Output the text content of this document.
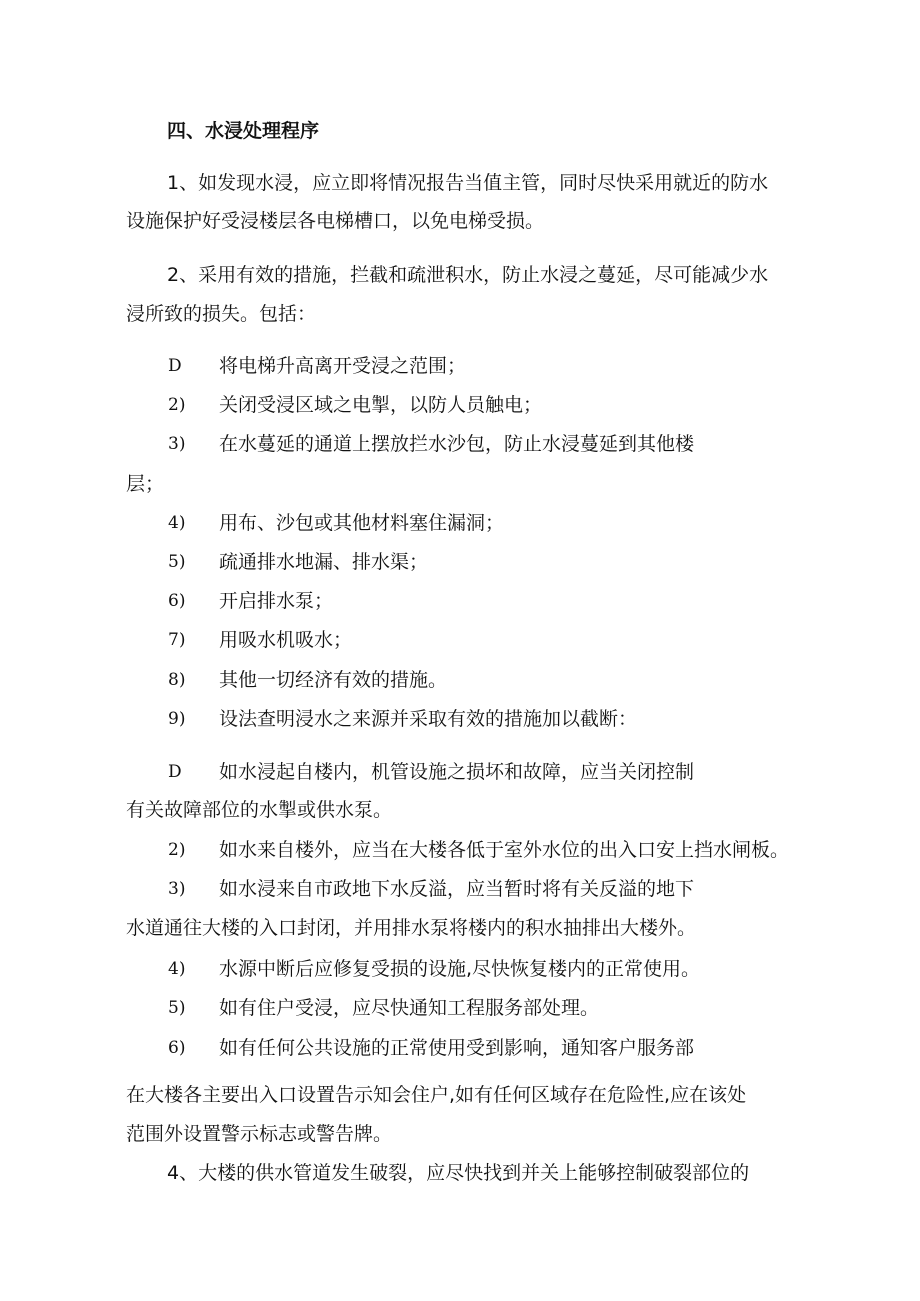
四、水浸处理程序
1、如发现水浸，应立即将情况报告当值主管，同时尽快采用就近的防水
设施保护好受浸楼层各电梯槽口，以免电梯受损。
2、采用有效的措施，拦截和疏泄积水，防止水浸之蔓延，尽可能减少水
浸所致的损失。包括：
D 将电梯升高离开受浸之范围；
2) 关闭受浸区域之电掣，以防人员触电；
3) 在水蔓延的通道上摆放拦水沙包，防止水浸蔓延到其他楼
层；
4) 用布、沙包或其他材料塞住漏洞；
5) 疏通排水地漏、排水渠；
6) 开启排水泵；
7) 用吸水机吸水；
8) 其他一切经济有效的措施。
9) 设法查明浸水之来源并采取有效的措施加以截断：
D 如水浸起自楼内，机管设施之损坏和故障，应当关闭控制
有关故障部位的水掣或供水泵。
2) 如水来自楼外，应当在大楼各低于室外水位的出入口安上挡水闸板。
3) 如水浸来自市政地下水反溢，应当暂时将有关反溢的地下
水道通往大楼的入口封闭，并用排水泵将楼内的积水抽排出大楼外。
4) 水源中断后应修复受损的设施,尽快恢复楼内的正常使用。
5) 如有住户受浸，应尽快通知工程服务部处理。
6) 如有任何公共设施的正常使用受到影响，通知客户服务部
在大楼各主要出入口设置告示知会住户,如有任何区域存在危险性,应在该处
范围外设置警示标志或警告牌。
4、大楼的供水管道发生破裂，应尽快找到并关上能够控制破裂部位的
